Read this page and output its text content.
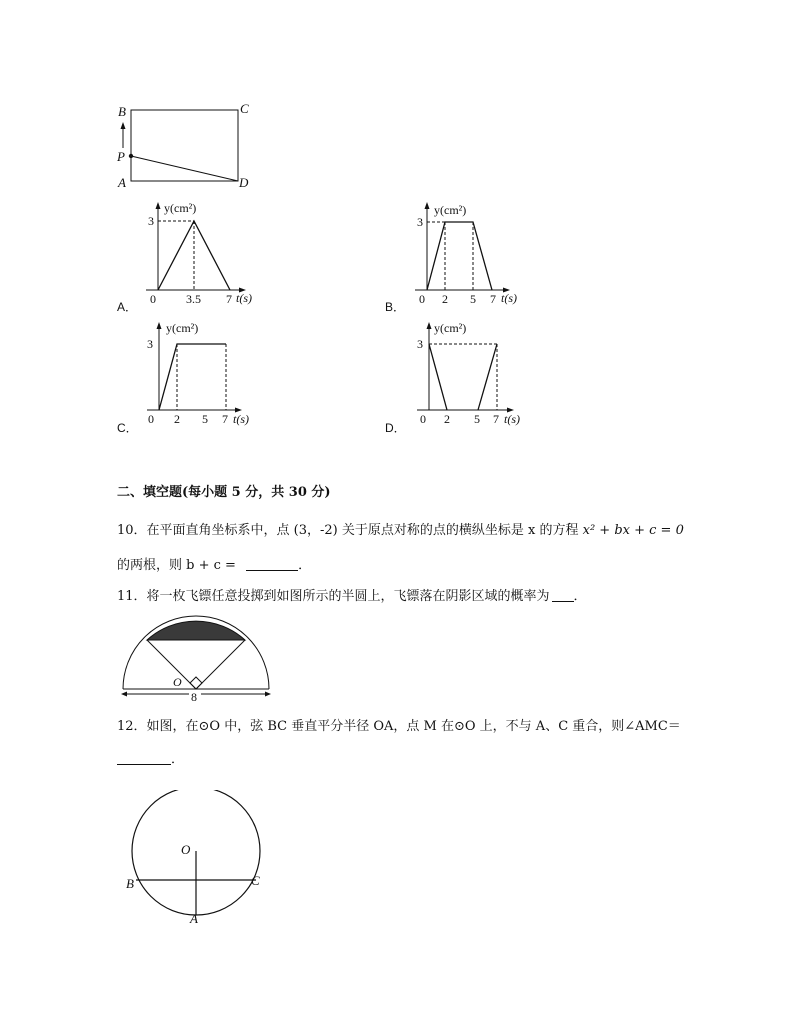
B	C
P
A	D
A．
y(cm²)
3
0	3.5 7 t(s)
B．
y(cm²)
3
0 2 5 7 t(s)
C．
y(cm²)
3
0 2 5 7 t(s)
D．
y(cm²)
3
0 2 5 7 t(s)
二、填空题(每小题 5 分，共 30 分)
10．在平面直角坐标系中，点 (3，-2) 关于原点对称的点的横纵坐标是 x 的方程 x² + bx + c = 0
的两根，则 b + c =	．
11．将一枚飞镖任意投掷到如图所示的半圆上，飞镖落在阴影区域的概率为 ．
O
8
12．如图，在⊙O 中，弦 BC 垂直平分半径 OA，点 M 在⊙O 上，不与 A、C 重合，则∠AMC＝
．
O
B	C
A
